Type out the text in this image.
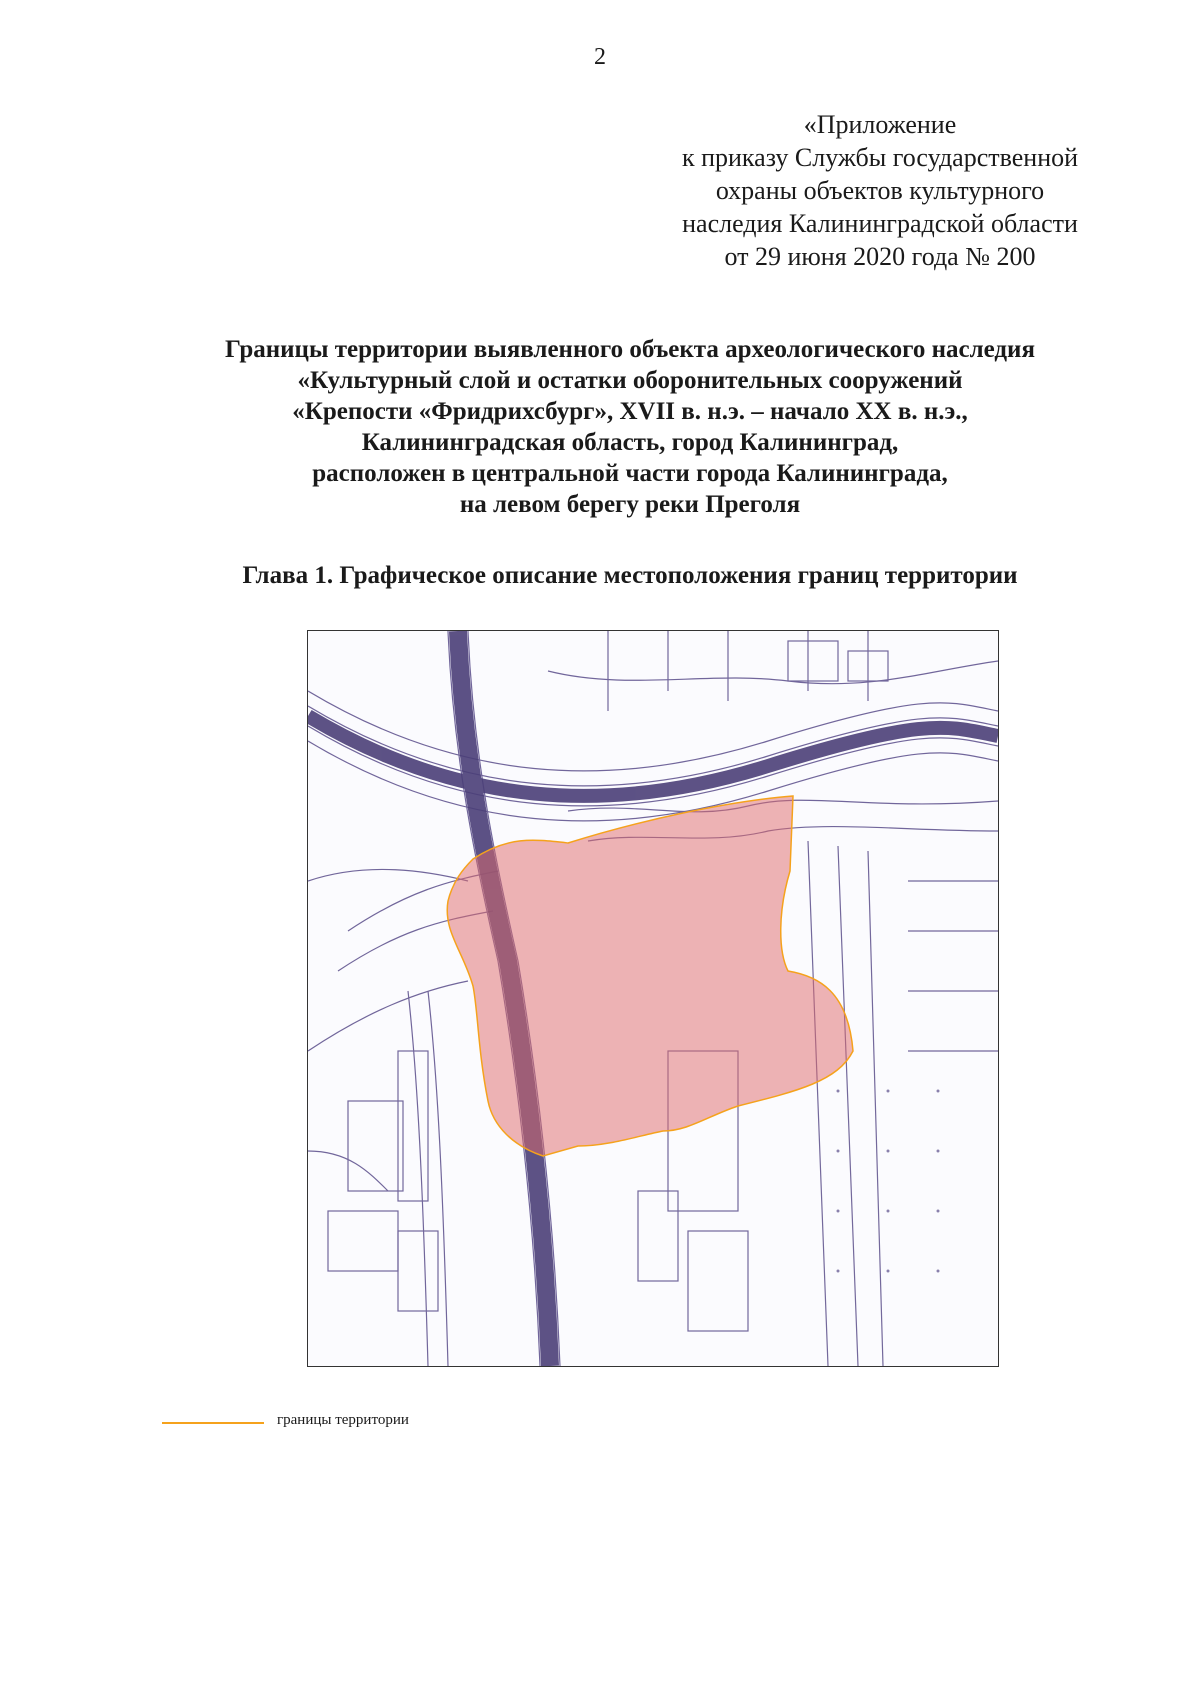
2
«Приложение
к приказу Службы государственной
охраны объектов культурного
наследия Калининградской области
от 29 июня 2020 года № 200
Границы территории выявленного объекта археологического наследия
«Культурный слой и остатки оборонительных сооружений
«Крепости «Фридрихсбург», XVII в. н.э. – начало XX в. н.э.,
Калининградская область, город Калининград,
расположен в центральной части города Калининграда,
на левом берегу реки Преголя
Глава 1. Графическое описание местоположения границ территории
границы территории
